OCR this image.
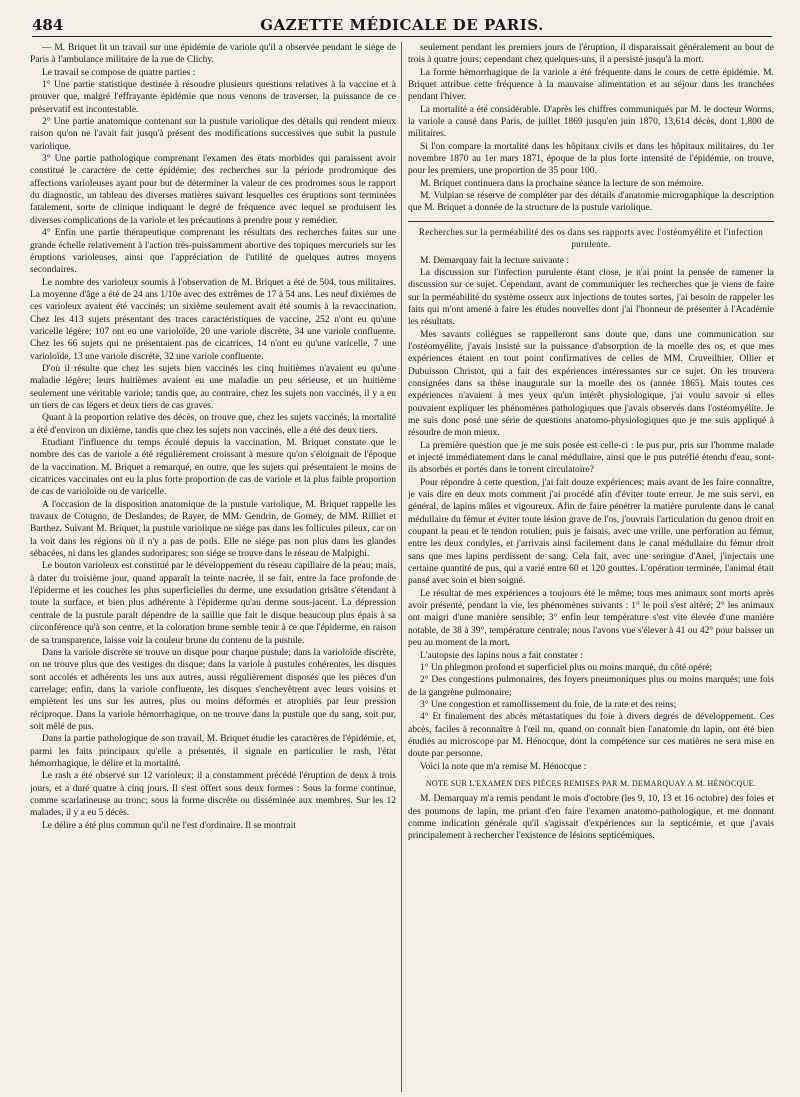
484	GAZETTE MÉDICALE DE PARIS.

— M. Briquet lit un travail sur une épidémie de variole qu'il a observée pendant le siége de Paris à l'ambulance militaire de la rue de Clichy.

Le travail se compose de quatre parties :

1° Une partie statistique destinée à résoudre plusieurs questions relatives à la vaccine et à prouver que, malgré l'effrayante épidémie que nous venons de traverser, la puissance de ce préservatif est incontestable.

2° Une partie anatomique contenant sur la pustule variolique des détails qui rendent mieux raison qu'on ne l'avait fait jusqu'à présent des modifications successives que subit la pustule variolique.

3° Une partie pathologique comprenant l'examen des états morbides qui paraissent avoir constitué le caractère de cette épidémie; des recherches sur la période prodromique des affections varioleuses ayant pour but de déterminer la valeur de ces prodromes sous le rapport du diagnostic, un tableau des diverses matières suivant lesquelles ces éruptions sont terminées fatalement, sorte de clinique indiquant le degré de fréquence avec lequel se produisent les diverses complications de la variole et les précautions à prendre pour y remédier.

4° Enfin une partie thérapeutique comprenant les résultats des recherches faites sur une grande échelle relativement à l'action très-puissamment abortive des topiques mercuriels sur les éruptions varioleuses, ainsi que l'appréciation de l'utilité de quelques autres moyens secondaires.

Le nombre des varioleux soumis à l'observation de M. Briquet a été de 504, tous militaires. La moyenne d'âge a été de 24 ans 1/10e avec des extrêmes de 17 à 54 ans. Les neuf dixièmes de ces varioleux avaient été vaccinés; un sixième seulement avait été soumis à la revaccination. Chez les 413 sujets présentant des traces caractéristiques de vaccine, 252 n'ont eu qu'une varicelle légère; 107 ont eu une varioloïde, 20 une variole discrète, 34 une variole confluente. Chez les 66 sujets qui ne présentaient pas de cicatrices, 14 n'ont eu qu'une varicelle, 7 une varioloïde, 13 une variole discrète, 32 une variole confluente.

D'où il résulte que chez les sujets bien vaccinés les cinq huitièmes n'avaient eu qu'une maladie légère; leurs huitièmes avaient eu une maladie un peu sérieuse, et un huitième seulement une véritable variole; tandis que, au contraire, chez les sujets non vaccinés, il y a eu un tiers de cas légers et deux tiers de cas graves.

Quant à la proportion relative des décès, on trouve que, chez les sujets vaccinés, la mortalité a été d'environ un dixième, tandis que chez les sujets non vaccinés, elle a été des deux tiers.

Etudiant l'influence du temps écoulé depuis la vaccination, M. Briquet constate que le nombre des cas de variole a été régulièrement croissant à mesure qu'on s'éloignait de l'époque de la vaccination. M. Briquet a remarqué, en outre, que les sujets qui présentaient le moins de cicatrices vaccinales ont eu la plus forte proportion de cas de variole et la plus faible proportion de cas de varioloïde ou de varicelle.

A l'occasion de la disposition anatomique de la pustule variolique, M. Briquet rappelle les travaux de Cotugno, de Deslandes, de Rayer, de MM. Gendrin, de Gomey, de MM. Rilliet et Barthez. Suivant M. Briquet, la pustule variolique ne siége pas dans les follicules pileux, car on la voit dans les régions où il n'y a pas de poils. Elle ne siége pas non plus dans les glandes sébacées, ni dans les glandes sudoripares; son siége se trouve dans le réseau de Malpighi.

Le bouton varioleux est constitué par le développement du réseau capillaire de la peau; mais, à dater du troisième jour, quand apparaît la teinte nacrée, il se fait, entre la face profonde de l'épiderme et les couches les plus superficielles du derme, une exsudation grisâtre s'étendant à toute la surface, et bien plus adhérente à l'épiderme qu'au derme sous-jacent. La dépression centrale de la pustule paraît dépendre de la saillie que fait le disque beaucoup plus épais à sa circonférence qu'à son centre, et la coloration brune semble tenir à ce que l'épiderme, en raison de sa transparence, laisse voir la couleur brune du contenu de la pustule.

Dans la variole discrète se trouve un disque pour chaque pustule; dans la varioloïde discrète, on ne trouve plus que des vestiges du disque; dans la variole à pustules cohérentes, les disques sont accolés et adhérents les uns aux autres, aussi régulièrement disposés que les pièces d'un carrelage; enfin, dans la variole confluente, les disques s'enchevêtrent avec leurs voisins et empiètent les uns sur les autres, plus ou moins déformés et atrophiés par leur pression réciproque. Dans la variole hémorrhagique, on ne trouve dans la pustule que du sang, soit pur, soit mêlé de pus.

Dans la partie pathologique de son travail, M. Briquet étudie les caractères de l'épidémie, et, parmi les faits principaux qu'elle a présentés, il signale en particulier le rash, l'état hémorrhagique, le délire et la mortalité.

Le rash a été observé sur 12 varioleux; il a constamment précédé l'éruption de deux à trois jours, et a duré quatre à cinq jours. Il s'est offert sous deux formes : Sous la forme continue, comme scarlatineuse au tronc; sous la forme discrète ou disséminée aux membres. Sur les 12 malades, il y a eu 5 décès.

Le délire a été plus commun qu'il ne l'est d'ordinaire. Il se montrait

seulement pendant les premiers jours de l'éruption, il disparaissait généralement au bout de trois à quatre jours; cependant chez quelques-uns, il a persisté jusqu'à la mort.

La forme hémorrhagique de la variole a été fréquente dans le cours de cette épidémie. M. Briquet attribue cette fréquence à la mauvaise alimentation et au séjour dans les tranchées pendant l'hiver.

La mortalité a été considérable. D'après les chiffres communiqués par M. le docteur Worms, la variole a causé dans Paris, de juillet 1869 jusqu'en juin 1870, 13,614 décès, dont 1,800 de militaires.

Si l'on compare la mortalité dans les hôpitaux civils et dans les hôpitaux militaires, du 1er novembre 1870 au 1er mars 1871, époque de la plus forte intensité de l'épidémie, on trouve, pour les premiers, une proportion de 35 pour 100.

M. Briquet continuera dans la prochaine séance la lecture de son mémoire.

M. Vulpian se réserve de compléter par des détails d'anatomie microgaphique la description que M. Briquet a donnée de la structure de la pustule variolique.

Recherches sur la perméabilité des os dans ses rapports avec l'ostéomyélite et l'infection purulente.

M. Demarquay fait la lecture suivante :

La discussion sur l'infection purulente étant close, je n'ai point la pensée de ramener la discussion sur ce sujet. Cependant, avant de communiquer les recherches que je viens de faire sur la perméabilité du système osseux aux injections de toutes sortes, j'ai besoin de rappeler les faits qui m'ont amené à faire les études nouvelles dont j'ai l'honneur de présenter à l'Académie les résultats.

Mes savants collègues se rappelleront sans doute que, dans une communication sur l'ostéomyélite, j'avais insisté sur la puissance d'absorption de la moelle des os, et que mes expériences étaient en tout point confirmatives de celles de MM. Cruveilhier, Ollier et Dubuisson Christot, qui a fait des expériences intéressantes sur ce sujet. On les trouvera consignées dans sa thèse inaugurale sur la moelle des os (année 1865). Mais toutes ces expériences n'avaient à mes yeux qu'un intérêt physiologique, j'ai voulu savoir si elles pouvaient expliquer les phénomènes pathologiques que j'avais observés dans l'ostéomyélite. Je me suis donc posé une série de questions anatomo-physiologiques que je me suis appliqué à résoudre de mon mieux.

La première question que je me suis posée est celle-ci : le pus pur, pris sur l'homme malade et injecté immédiatement dans le canal médullaire, ainsi que le pus putréfié étendu d'eau, sont-ils absorbés et portés dans le torrent circulatoire?

Pour répondre à cette question, j'ai fait douze expériences; mais avant de les faire connaître, je vais dire en deux mots comment j'ai procédé afin d'éviter toute erreur. Je me suis servi, en général, de lapins mâles et vigoureux. Afin de faire pénétrer la matière purulente dans le canal médullaire du fémur et éviter toute lésion grave de l'os, j'ouvrais l'articulation du genou droit en coupant la peau et le tendon rotulien; puis je faisais, avec une vrille, une perforation au fémur, entre les deux condyles, et j'arrivais ainsi facilement dans le canal médullaire du fémur droit sans que mes lapins perdissent de sang. Cela fait, avec une seringue d'Anel, j'injectais une certaine quantité de pus, qui a varié entre 60 et 120 gouttes. L'opération terminée, l'animal était pansé avec soin et bien soigné.

Le résultat de mes expériences a toujours été le même; tous mes animaux sont morts après avoir présenté, pendant la vie, les phénomènes suivants : 1° le poil s'est altéré; 2° les animaux ont maigri d'une manière sensible; 3° enfin leur température s'est vite élevée d'une manière notable, de 38 à 39°, température centrale; nous l'avons vue s'élever à 41 ou 42° pour baisser un peu au moment de la mort.

L'autopsie des lapins nous a fait constater :

1° Un phlegmon profond et superficiel plus ou moins marqué, du côté opéré;

2° Des congestions pulmonaires, des foyers pneumoniques plus ou moins marqués; une fois de la gangrène pulmonaire;

3° Une congestion et ramollissement du foie, de la rate et des reins;

4° Et finalement des abcès métastatiques du foie à divers degrés de développement. Ces abcès, faciles à reconnaître à l'œil nu, quand on connaît bien l'anatomie du lapin, ont été bien étudiés au microscope par M. Hénocque, dont la compétence sur ces matières ne sera mise en doute par personne.

Voici la note que m'a remise M. Hénocque :

NOTE SUR L'EXAMEN DES PIÈCES REMISES PAR M. DEMARQUAY A M. HÉNOCQUE.

M. Demarquay m'a remis pendant le mois d'octobre (les 9, 10, 13 et 16 octobre) des foies et des poumons de lapin, me priant d'en faire l'examen anatomo-pathologique, et me donnant comme indication générale qu'il s'agissait d'expériences sur la septicémie, et que j'avais principalement à rechercher l'existence de lésions septicémiques.
